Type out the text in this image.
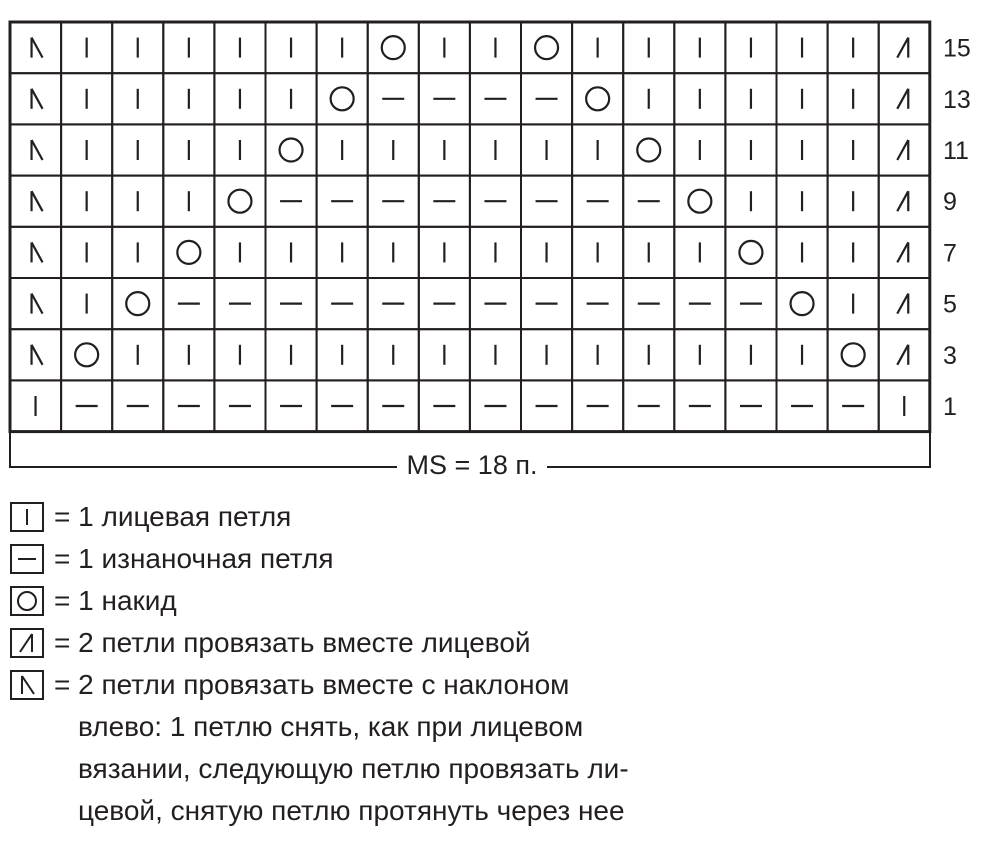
15
13
11
9
7
5
3
1
MS = 18 п.
= 1 лицевая петля
= 1 изнаночная петля
= 1 накид
= 2 петли провязать вместе лицевой
= 2 петли провязать вместе с наклоном
влево: 1 петлю снять, как при лицевом
вязании, следующую петлю провязать ли-
цевой, снятую петлю протянуть через нее
